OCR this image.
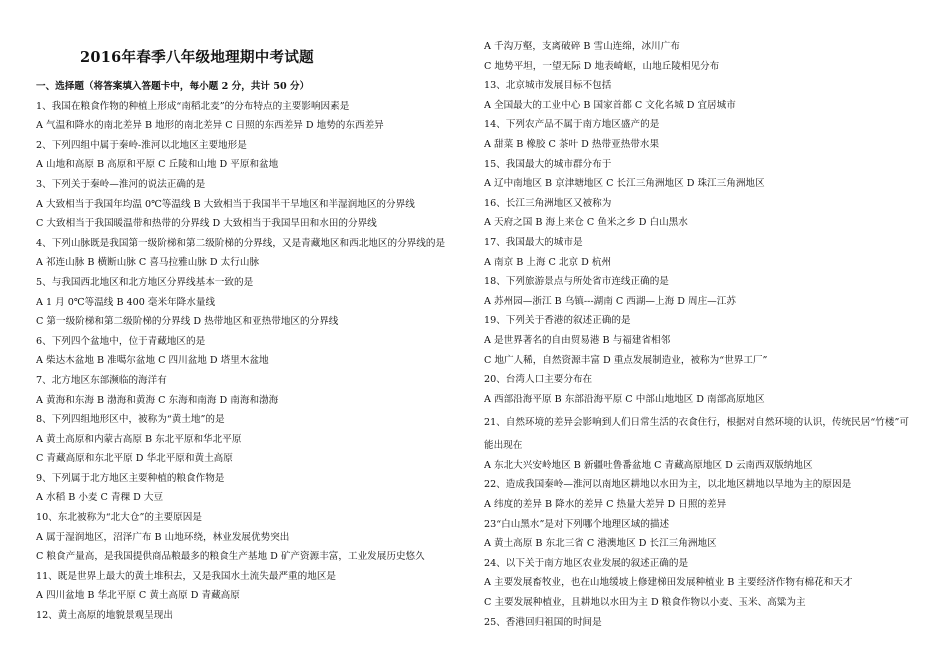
2016年春季八年级地理期中考试题
一、选择题（将答案填入答题卡中，每小题 2 分，共计 50 分）
1、我国在粮食作物的种植上形成“南稻北麦”的分布特点的主要影响因素是
A 气温和降水的南北差异 B 地形的南北差异 C 日照的东西差异 D 地势的东西差异
2、下列四组中属于秦岭-淮河以北地区主要地形是
A 山地和高原 B 高原和平原 C 丘陵和山地 D 平原和盆地
3、下列关于秦岭—淮河的说法正确的是
A 大致相当于我国年均温 0℃等温线 B 大致相当于我国半干旱地区和半湿润地区的分界线
C 大致相当于我国暖温带和热带的分界线 D 大致相当于我国旱田和水田的分界线
4、下列山脉既是我国第一级阶梯和第二级阶梯的分界线，又是青藏地区和西北地区的分界线的是
A 祁连山脉 B 横断山脉 C 喜马拉雅山脉 D 太行山脉
5、与我国西北地区和北方地区分界线基本一致的是
A 1 月 0℃等温线 B 400 毫米年降水量线
C 第一级阶梯和第二级阶梯的分界线 D 热带地区和亚热带地区的分界线
6、下列四个盆地中，位于青藏地区的是
A 柴达木盆地 B 准噶尔盆地 C 四川盆地 D 塔里木盆地
7、北方地区东部濒临的海洋有
A 黄海和东海 B 渤海和黄海 C 东海和南海 D 南海和渤海
8、下列四组地形区中，被称为“黄土地”的是
A 黄土高原和内蒙古高原 B 东北平原和华北平原
C 青藏高原和东北平原 D 华北平原和黄土高原
9、下列属于北方地区主要种植的粮食作物是
A 水稻 B 小麦 C 青稞 D 大豆
10、东北被称为“北大仓”的主要原因是
A 属于湿润地区，沼泽广布 B 山地环绕，林业发展优势突出
C 粮食产量高，是我国提供商品粮最多的粮食生产基地 D 矿产资源丰富，工业发展历史悠久
11、既是世界上最大的黄土堆积去，又是我国水土流失最严重的地区是
A 四川盆地 B 华北平原 C 黄土高原 D 青藏高原
12、黄土高原的地貌景观呈现出
A 千沟万壑，支离破碎 B 雪山连绵，冰川广布
C 地势平坦，一望无际 D 地表崎岖，山地丘陵相见分布
13、北京城市发展目标不包括
A 全国最大的工业中心 B 国家首都 C 文化名城 D 宜居城市
14、下列农产品不属于南方地区盛产的是
A 甜菜 B 橡胶 C 茶叶 D 热带亚热带水果
15、我国最大的城市群分布于
A 辽中南地区 B 京津塘地区 C 长江三角洲地区 D 珠江三角洲地区
16、长江三角洲地区又被称为
A 天府之国 B 海上来仓 C 鱼米之乡 D 白山黑水
17、我国最大的城市是
A 南京 B 上海 C 北京 D 杭州
18、下列旅游景点与所处省市连线正确的是
A 苏州园—浙江 B 乌镇---湖南 C 西湖—上海 D 周庄—江苏
19、下列关于香港的叙述正确的是
A 是世界著名的自由贸易港 B 与福建省相邻
C 地广人稀，自然资源丰富 D 重点发展制造业，被称为“世界工厂”
20、台湾人口主要分布在
A 西部沿海平原 B 东部沿海平原 C 中部山地地区 D 南部高原地区
21、自然环境的差异会影响到人们日常生活的衣食住行，根据对自然环境的认识，传统民居“竹楼”可
能出现在
A 东北大兴安岭地区 B 新疆吐鲁番盆地 C 青藏高原地区 D 云南西双版纳地区
22、造成我国秦岭—淮河以南地区耕地以水田为主，以北地区耕地以旱地为主的原因是
A 纬度的差异 B 降水的差异 C 热量大差异 D 日照的差异
23“白山黑水”是对下列哪个地理区域的描述
A 黄土高原 B 东北三省 C 港澳地区 D 长江三角洲地区
24、以下关于南方地区农业发展的叙述正确的是
A 主要发展畜牧业，也在山地缓坡上修建梯田发展种植业 B 主要经济作物有棉花和天才
C 主要发展种植业，且耕地以水田为主 D 粮食作物以小麦、玉米、高粱为主
25、香港回归祖国的时间是
